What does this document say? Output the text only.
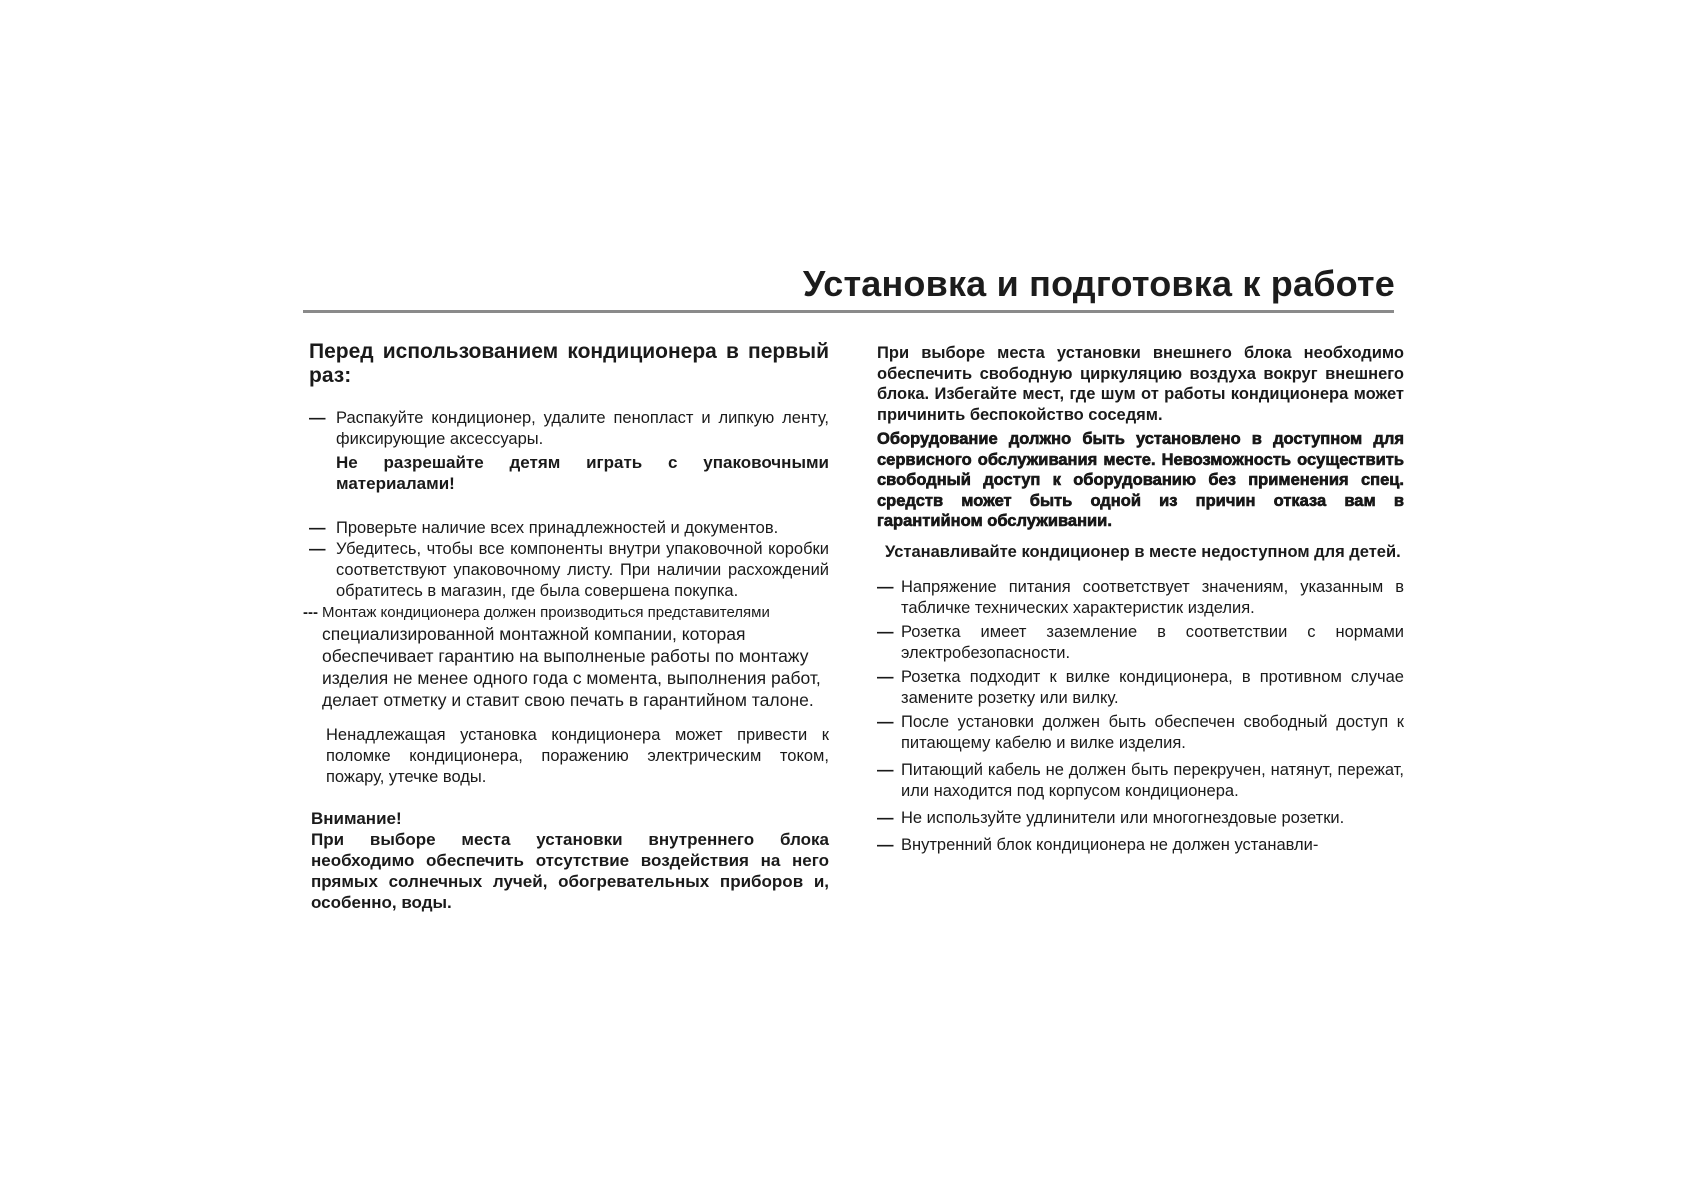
Установка и подготовка к работе

Перед использованием кондиционера в первый раз:

— Распакуйте кондиционер, удалите пенопласт и липкую ленту, фиксирующие аксессуары.

Не разрешайте детям играть с упаковочными материалами!

— Проверьте наличие всех принадлежностей и документов.
— Убедитесь, чтобы все компоненты внутри упаковочной коробки соответствуют упаковочному листу. При наличии расхождений обратитесь в магазин, где была совершена покупка.
--- Монтаж кондиционера должен производиться представителями

специализированной монтажной компании, которая обеспечивает гарантию на выполненые работы по монтажу изделия не менее одного года с момента, выполнения работ, делает отметку и ставит свою печать в гарантийном талоне.

Ненадлежащая установка кондиционера может привести к поломке кондиционера, поражению электрическим током, пожару, утечке воды.

Внимание!

При выборе места установки внутреннего блока необходимо обеспечить отсутствие воздействия на него прямых солнечных лучей, обогревательных приборов и, особенно, воды.

При выборе места установки внешнего блока необходимо обеспечить свободную циркуляцию воздуха вокруг внешнего блока. Избегайте мест, где шум от работы кондиционера может причинить беспокойство соседям.

Оборудование должно быть установлено в доступном для сервисного обслуживания месте. Невозможность осуществить свободный доступ к оборудованию без применения спец. средств может быть одной из причин отказа вам в гарантийном обслуживании.

Устанавливайте кондиционер в месте недоступном для детей.

— Напряжение питания соответствует значениям, указанным в табличке технических характеристик изделия.
— Розетка имеет заземление в соответствии с нормами электробезопасности.
— Розетка подходит к вилке кондиционера, в противном случае замените розетку или вилку.
— После установки должен быть обеспечен свободный доступ к питающему кабелю и вилке изделия.
— Питающий кабель не должен быть перекручен, натянут, пережат, или находится под корпусом кондиционера.
— Не используйте удлинители или многогнездовые розетки.
— Внутренний блок кондиционера не должен устанавли-
